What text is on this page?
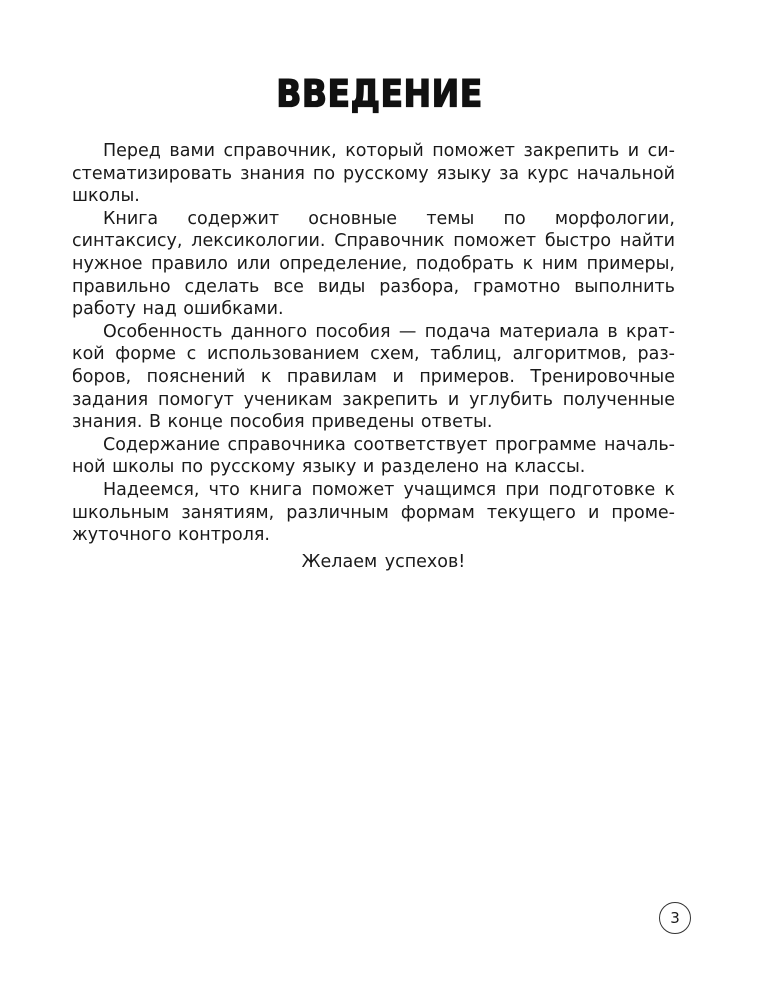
ВВЕДЕНИЕ

Перед вами справочник, который поможет закрепить и систематизировать знания по русскому языку за курс начальной школы.

Книга содержит основные темы по морфологии, синтаксису, лексикологии. Справочник поможет быстро найти нужное правило или определение, подобрать к ним примеры, правильно сделать все виды разбора, грамотно выполнить работу над ошибками.

Особенность данного пособия — подача материала в краткой форме с использованием схем, таблиц, алгоритмов, разборов, пояснений к правилам и примеров. Тренировочные задания помогут ученикам закрепить и углубить полученные знания. В конце пособия приведены ответы.

Содержание справочника соответствует программе начальной школы по русскому языку и разделено на классы.

Надеемся, что книга поможет учащимся при подготовке к школьным занятиям, различным формам текущего и промежуточного контроля.

Желаем успехов!
3
